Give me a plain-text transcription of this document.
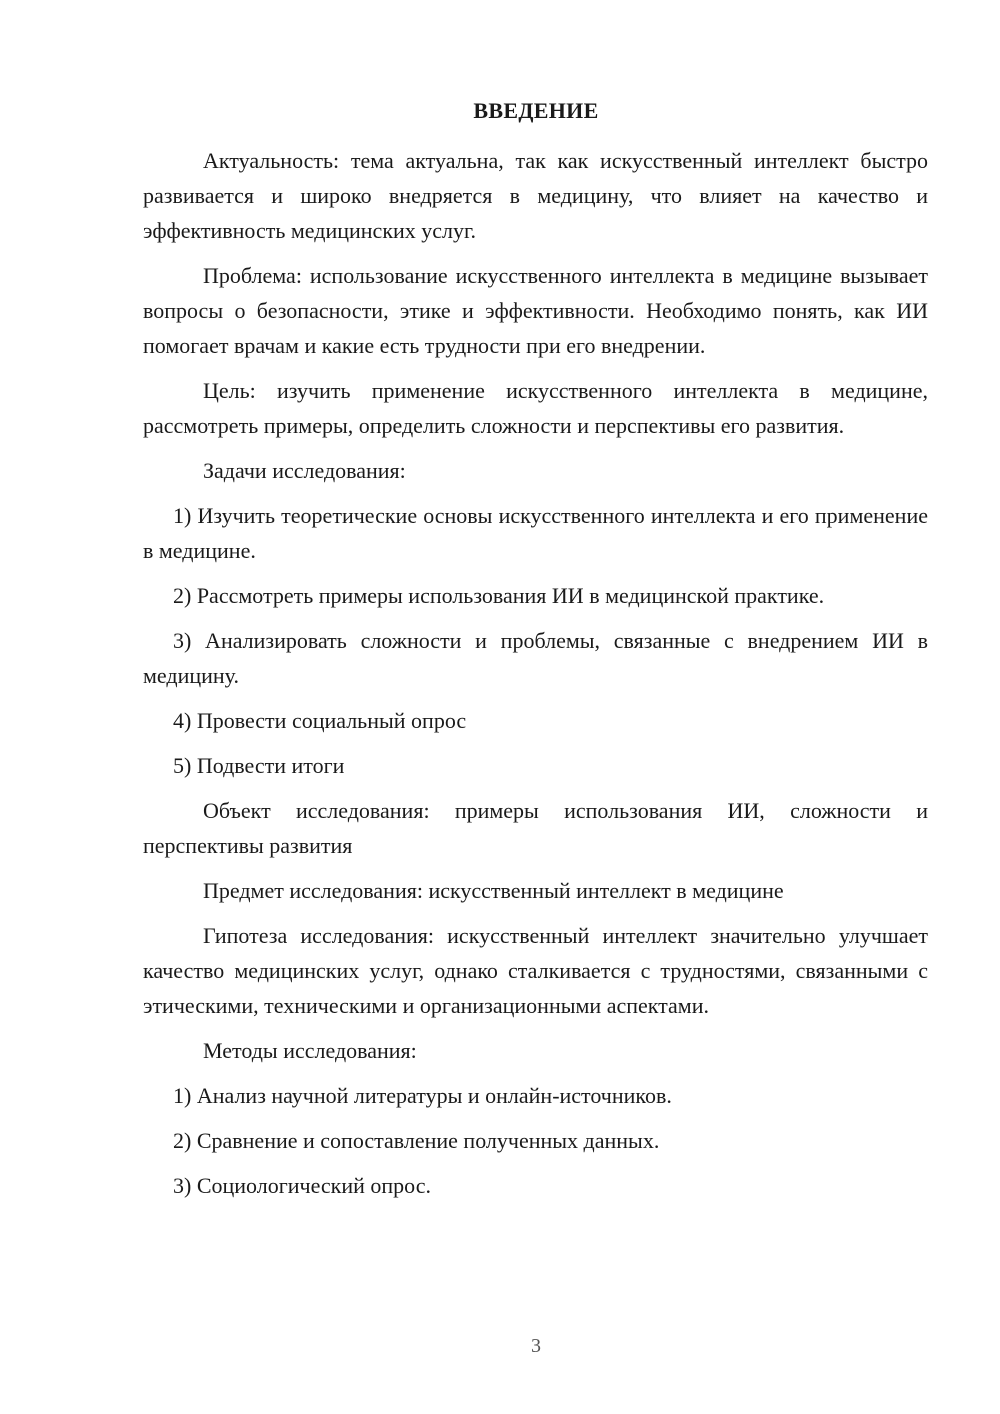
ВВЕДЕНИЕ

Актуальность: тема актуальна, так как искусственный интеллект быстро развивается и широко внедряется в медицину, что влияет на качество и эффективность медицинских услуг.

Проблема: использование искусственного интеллекта в медицине вызывает вопросы о безопасности, этике и эффективности. Необходимо понять, как ИИ помогает врачам и какие есть трудности при его внедрении.

Цель: изучить применение искусственного интеллекта в медицине, рассмотреть примеры, определить сложности и перспективы его развития.

Задачи исследования:

1) Изучить теоретические основы искусственного интеллекта и его применение в медицине.

2) Рассмотреть примеры использования ИИ в медицинской практике.

3) Анализировать сложности и проблемы, связанные с внедрением ИИ в медицину.

4) Провести социальный опрос

5) Подвести итоги

Объект исследования: примеры использования ИИ, сложности и перспективы развития

Предмет исследования: искусственный интеллект в медицине

Гипотеза исследования: искусственный интеллект значительно улучшает качество медицинских услуг, однако сталкивается с трудностями, связанными с этическими, техническими и организационными аспектами.

Методы исследования:

1) Анализ научной литературы и онлайн-источников.

2) Сравнение и сопоставление полученных данных.

3) Социологический опрос.

3
